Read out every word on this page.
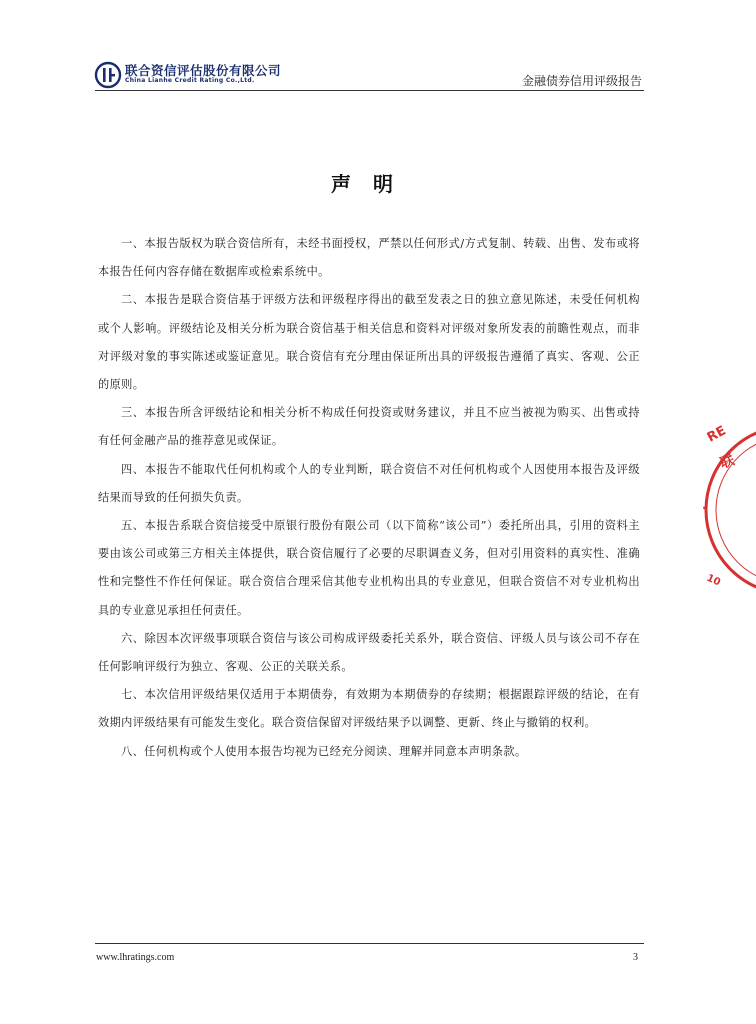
联合资信评估股份有限公司
China Lianhe Credit Rating Co.,Ltd.	金融债券信用评级报告
声明

一、本报告版权为联合资信所有，未经书面授权，严禁以任何形式/方式复制、转载、出售、发布或将本报告任何内容存储在数据库或检索系统中。

二、本报告是联合资信基于评级方法和评级程序得出的截至发表之日的独立意见陈述，未受任何机构或个人影响。评级结论及相关分析为联合资信基于相关信息和资料对评级对象所发表的前瞻性观点，而非对评级对象的事实陈述或鉴证意见。联合资信有充分理由保证所出具的评级报告遵循了真实、客观、公正的原则。

三、本报告所含评级结论和相关分析不构成任何投资或财务建议，并且不应当被视为购买、出售或持有任何金融产品的推荐意见或保证。

四、本报告不能取代任何机构或个人的专业判断，联合资信不对任何机构或个人因使用本报告及评级结果而导致的任何损失负责。

五、本报告系联合资信接受中原银行股份有限公司（以下简称“该公司”）委托所出具，引用的资料主要由该公司或第三方相关主体提供，联合资信履行了必要的尽职调查义务，但对引用资料的真实性、准确性和完整性不作任何保证。联合资信合理采信其他专业机构出具的专业意见，但联合资信不对专业机构出具的专业意见承担任何责任。

六、除因本次评级事项联合资信与该公司构成评级委托关系外，联合资信、评级人员与该公司不存在任何影响评级行为独立、客观、公正的关联关系。

七、本次信用评级结果仅适用于本期债券，有效期为本期债券的存续期；根据跟踪评级的结论，在有效期内评级结果有可能发生变化。联合资信保留对评级结果予以调整、更新、终止与撤销的权利。

八、任何机构或个人使用本报告均视为已经充分阅读、理解并同意本声明条款。

RE
联
·
10
www.lhratings.com	3
